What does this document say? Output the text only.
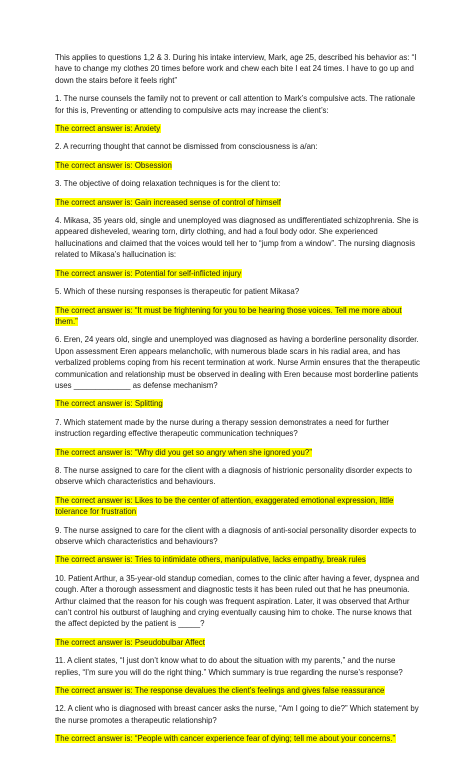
This applies to questions 1,2 & 3. During his intake interview, Mark, age 25, described his behavior as: “I have to change my clothes 20 times before work and chew each bite I eat 24 times. I have to go up and down the stairs before it feels right”

1. The nurse counsels the family not to prevent or call attention to Mark’s compulsive acts. The rationale for this is, Preventing or attending to compulsive acts may increase the client’s:

The correct answer is: Anxiety

2. A recurring thought that cannot be dismissed from consciousness is a/an:

The correct answer is: Obsession

3. The objective of doing relaxation techniques is for the client to:

The correct answer is: Gain increased sense of control of himself

4. Mikasa, 35 years old, single and unemployed was diagnosed as undifferentiated schizophrenia. She is appeared disheveled, wearing torn, dirty clothing, and had a foul body odor. She experienced hallucinations and claimed that the voices would tell her to “jump from a window”. The nursing diagnosis related to Mikasa’s hallucination is:

The correct answer is: Potential for self-inflicted injury

5. Which of these nursing responses is therapeutic for patient Mikasa?

The correct answer is: “It must be frightening for you to be hearing those voices. Tell me more about them.”

6. Eren, 24 years old, single and unemployed was diagnosed as having a borderline personality disorder. Upon assessment Eren appears melancholic, with numerous blade scars in his radial area, and has verbalized problems coping from his recent termination at work. Nurse Armin ensures that the therapeutic communication and relationship must be observed in dealing with Eren because most borderline patients uses _____________ as defense mechanism?

The correct answer is: Splitting

7. Which statement made by the nurse during a therapy session demonstrates a need for further instruction regarding effective therapeutic communication techniques?

The correct answer is: “Why did you get so angry when she ignored you?”

8. The nurse assigned to care for the client with a diagnosis of histrionic personality disorder expects to observe which characteristics and behaviours.

The correct answer is: Likes to be the center of attention, exaggerated emotional expression, little tolerance for frustration

9. The nurse assigned to care for the client with a diagnosis of anti-social personality disorder expects to observe which characteristics and behaviours?

The correct answer is: Tries to intimidate others, manipulative, lacks empathy, break rules

10. Patient Arthur, a 35-year-old standup comedian, comes to the clinic after having a fever, dyspnea and cough. After a thorough assessment and diagnostic tests it has been ruled out that he has pneumonia. Arthur claimed that the reason for his cough was frequent aspiration. Later, it was observed that Arthur can’t control his outburst of laughing and crying eventually causing him to choke. The nurse knows that the affect depicted by the patient is _____?

The correct answer is: Pseudobulbar Affect

11. A client states, “I just don’t know what to do about the situation with my parents,” and the nurse replies, “I’m sure you will do the right thing.” Which summary is true regarding the nurse’s response?

The correct answer is: The response devalues the client’s feelings and gives false reassurance

12. A client who is diagnosed with breast cancer asks the nurse, “Am I going to die?” Which statement by the nurse promotes a therapeutic relationship?

The correct answer is: “People with cancer experience fear of dying; tell me about your concerns.”
